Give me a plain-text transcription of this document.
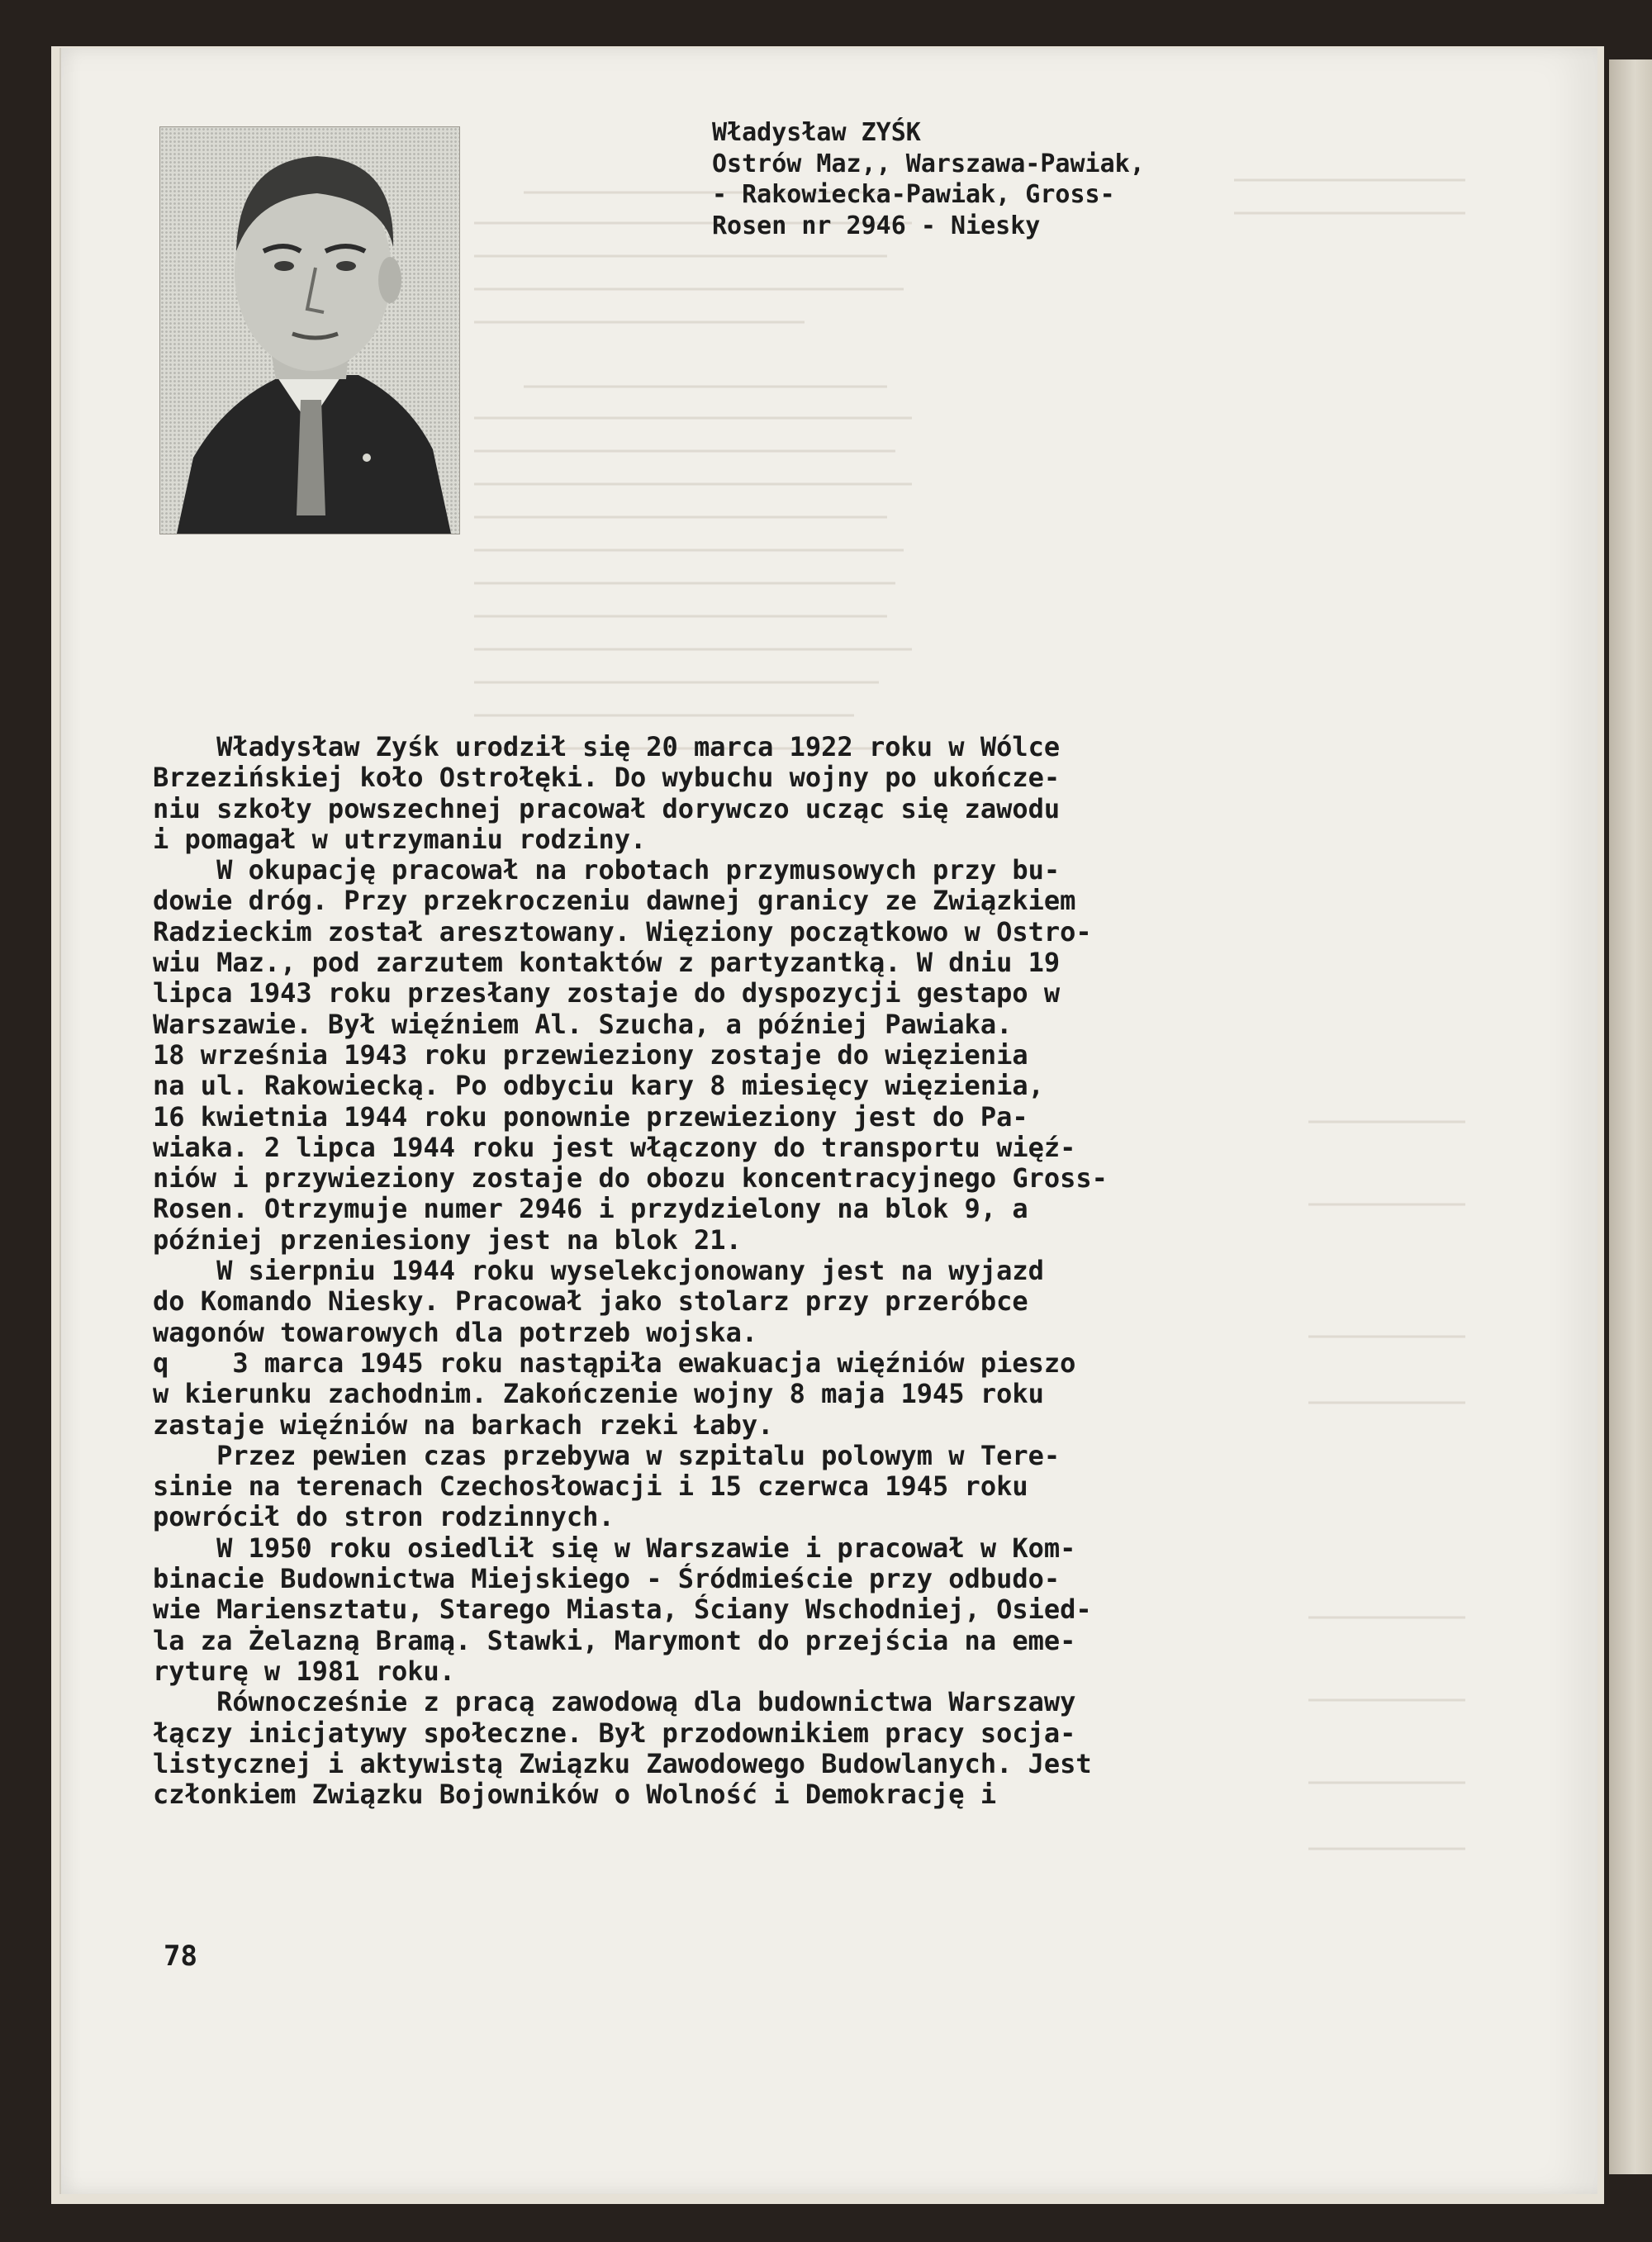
Władysław ZYŚK
Ostrów Maz,, Warszawa-Pawiak,
- Rakowiecka-Pawiak, Gross-
Rosen nr 2946 - Niesky
Władysław Zyśk urodził się 20 marca 1922 roku w Wólce
Brzezińskiej koło Ostrołęki. Do wybuchu wojny po ukończe-
niu szkoły powszechnej pracował dorywczo ucząc się zawodu
i pomagał w utrzymaniu rodziny.
W okupację pracował na robotach przymusowych przy bu-
dowie dróg. Przy przekroczeniu dawnej granicy ze Związkiem
Radzieckim został aresztowany. Więziony początkowo w Ostro-
wiu Maz., pod zarzutem kontaktów z partyzantką. W dniu 19
lipca 1943 roku przesłany zostaje do dyspozycji gestapo w
Warszawie. Był więźniem Al. Szucha, a później Pawiaka.
18 września 1943 roku przewieziony zostaje do więzienia
na ul. Rakowiecką. Po odbyciu kary 8 miesięcy więzienia,
16 kwietnia 1944 roku ponownie przewieziony jest do Pa-
wiaka. 2 lipca 1944 roku jest włączony do transportu więź-
niów i przywieziony zostaje do obozu koncentracyjnego Gross-
Rosen. Otrzymuje numer 2946 i przydzielony na blok 9, a
później przeniesiony jest na blok 21.
W sierpniu 1944 roku wyselekcjonowany jest na wyjazd
do Komando Niesky. Pracował jako stolarz przy przeróbce
wagonów towarowych dla potrzeb wojska.
q    3 marca 1945 roku nastąpiła ewakuacja więźniów pieszo
w kierunku zachodnim. Zakończenie wojny 8 maja 1945 roku
zastaje więźniów na barkach rzeki Łaby.
Przez pewien czas przebywa w szpitalu polowym w Tere-
sinie na terenach Czechosłowacji i 15 czerwca 1945 roku
powrócił do stron rodzinnych.
W 1950 roku osiedlił się w Warszawie i pracował w Kom-
binacie Budownictwa Miejskiego - Śródmieście przy odbudo-
wie Mariensztatu, Starego Miasta, Ściany Wschodniej, Osied-
la za Żelazną Bramą. Stawki, Marymont do przejścia na eme-
ryturę w 1981 roku.
Równocześnie z pracą zawodową dla budownictwa Warszawy
łączy inicjatywy społeczne. Był przodownikiem pracy socja-
listycznej i aktywistą Związku Zawodowego Budowlanych. Jest
członkiem Związku Bojowników o Wolność i Demokrację i
78
